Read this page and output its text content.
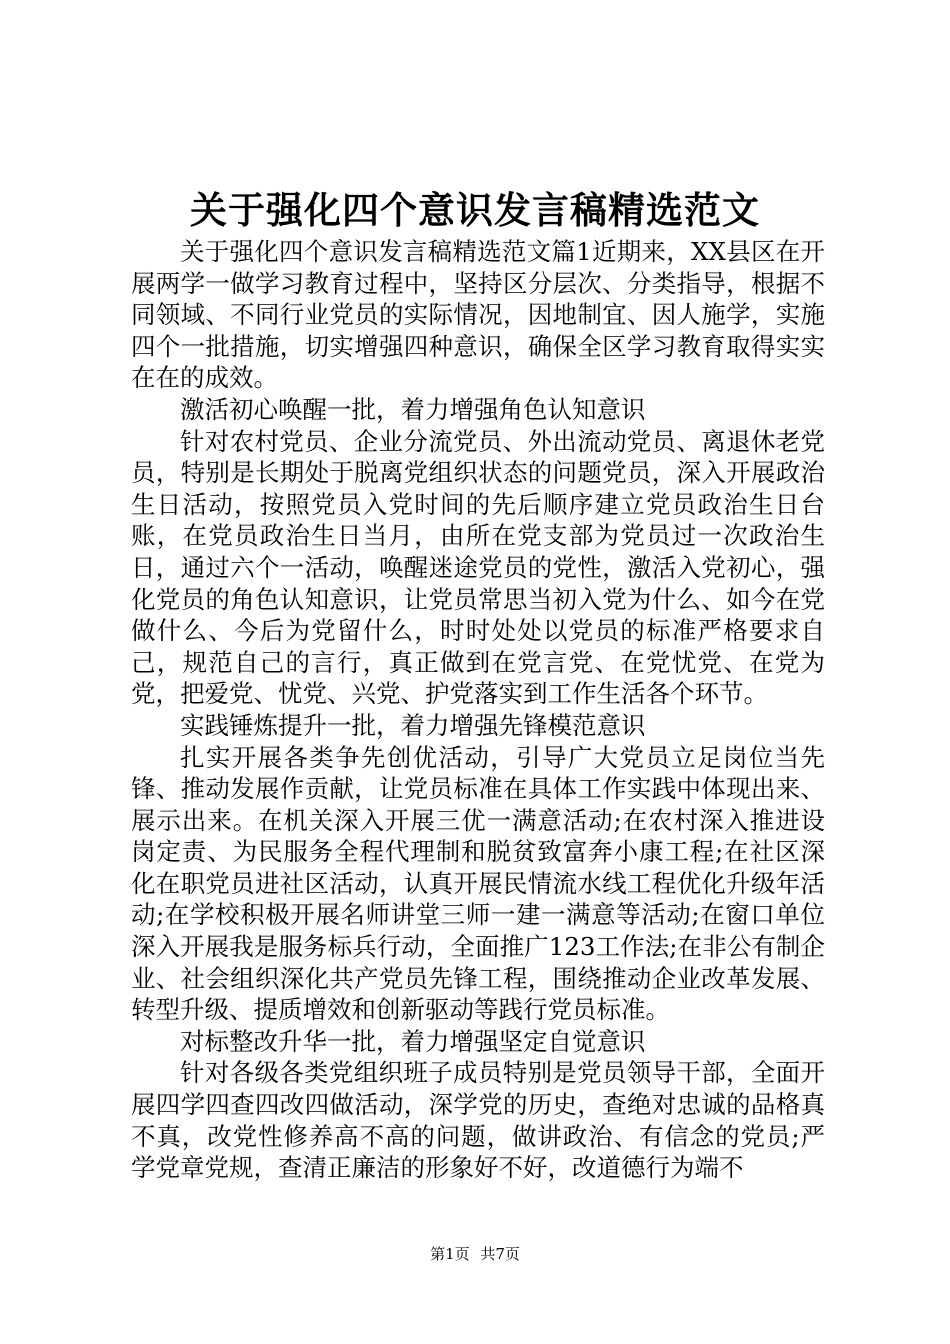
关于强化四个意识发言稿精选范文

关于强化四个意识发言稿精选范文篇1近期来，XX县区在开展两学一做学习教育过程中，坚持区分层次、分类指导，根据不同领域、不同行业党员的实际情况，因地制宜、因人施学，实施四个一批措施，切实增强四种意识，确保全区学习教育取得实实在在的成效。

激活初心唤醒一批，着力增强角色认知意识

针对农村党员、企业分流党员、外出流动党员、离退休老党员，特别是长期处于脱离党组织状态的问题党员，深入开展政治生日活动，按照党员入党时间的先后顺序建立党员政治生日台账，在党员政治生日当月，由所在党支部为党员过一次政治生日，通过六个一活动，唤醒迷途党员的党性，激活入党初心，强化党员的角色认知意识，让党员常思当初入党为什么、如今在党做什么、今后为党留什么，时时处处以党员的标准严格要求自己，规范自己的言行，真正做到在党言党、在党忧党、在党为党，把爱党、忧党、兴党、护党落实到工作生活各个环节。

实践锤炼提升一批，着力增强先锋模范意识

扎实开展各类争先创优活动，引导广大党员立足岗位当先锋、推动发展作贡献，让党员标准在具体工作实践中体现出来、展示出来。在机关深入开展三优一满意活动;在农村深入推进设岗定责、为民服务全程代理制和脱贫致富奔小康工程;在社区深化在职党员进社区活动，认真开展民情流水线工程优化升级年活动;在学校积极开展名师讲堂三师一建一满意等活动;在窗口单位深入开展我是服务标兵行动，全面推广123工作法;在非公有制企业、社会组织深化共产党员先锋工程，围绕推动企业改革发展、转型升级、提质增效和创新驱动等践行党员标准。

对标整改升华一批，着力增强坚定自觉意识

针对各级各类党组织班子成员特别是党员领导干部，全面开展四学四查四改四做活动，深学党的历史，查绝对忠诚的品格真不真，改党性修养高不高的问题，做讲政治、有信念的党员;严学党章党规，查清正廉洁的形象好不好，改道德行为端不

第1页 共7页
